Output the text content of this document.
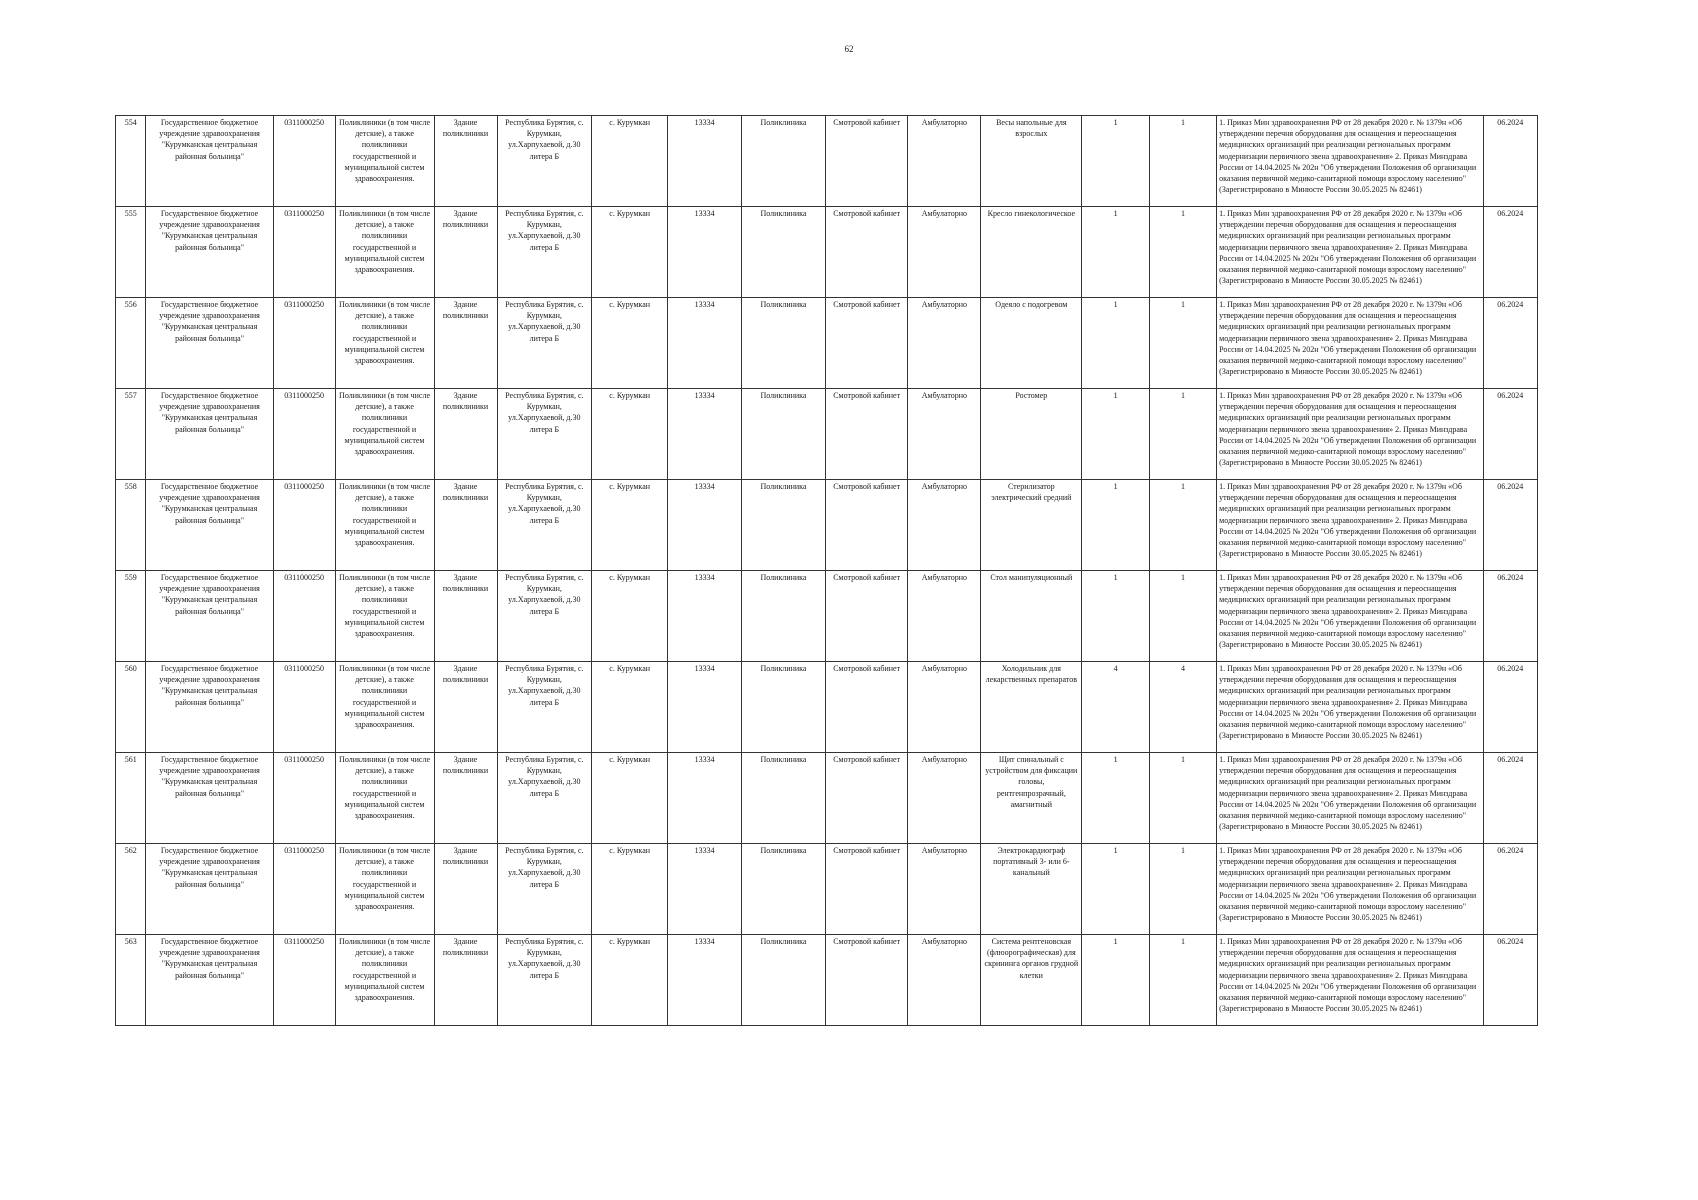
62
554	Государственное бюджетное учреждение здравоохранения "Курумканская центральная районная больница"	0311000250	Поликлиники (в том числе детские), а также поликлиники государственной и муниципальной систем здравоохранения.	Здание поликлиники	Республика Бурятия, с. Курумкан, ул.Харпухаевой, д.30 литера Б	с. Курумкан	13334	Поликлиника	Смотровой кабинет	Амбулаторно	Весы напольные для взрослых	1	1	1. Приказ Мин здравоохранения РФ от 28 декабря 2020 г. № 1379н «Об утверждении перечня оборудования для оснащения и переоснащения медицинских организаций при реализации региональных программ модернизации первичного звена здравоохранения» 2. Приказ Минздрава России от 14.04.2025 № 202н "Об утверждении Положения об организации оказания первичной медико-санитарной помощи взрослому населению" (Зарегистрировано в Минюсте России 30.05.2025 № 82461)	06.2024
555	Государственное бюджетное учреждение здравоохранения "Курумканская центральная районная больница"	0311000250	Поликлиники (в том числе детские), а также поликлиники государственной и муниципальной систем здравоохранения.	Здание поликлиники	Республика Бурятия, с. Курумкан, ул.Харпухаевой, д.30 литера Б	с. Курумкан	13334	Поликлиника	Смотровой кабинет	Амбулаторно	Кресло гинекологическое	1	1	1. Приказ Мин здравоохранения РФ от 28 декабря 2020 г. № 1379н «Об утверждении перечня оборудования для оснащения и переоснащения медицинских организаций при реализации региональных программ модернизации первичного звена здравоохранения» 2. Приказ Минздрава России от 14.04.2025 № 202н "Об утверждении Положения об организации оказания первичной медико-санитарной помощи взрослому населению" (Зарегистрировано в Минюсте России 30.05.2025 № 82461)	06.2024
556	Государственное бюджетное учреждение здравоохранения "Курумканская центральная районная больница"	0311000250	Поликлиники (в том числе детские), а также поликлиники государственной и муниципальной систем здравоохранения.	Здание поликлиники	Республика Бурятия, с. Курумкан, ул.Харпухаевой, д.30 литера Б	с. Курумкан	13334	Поликлиника	Смотровой кабинет	Амбулаторно	Одеяло с подогревом	1	1	1. Приказ Мин здравоохранения РФ от 28 декабря 2020 г. № 1379н «Об утверждении перечня оборудования для оснащения и переоснащения медицинских организаций при реализации региональных программ модернизации первичного звена здравоохранения» 2. Приказ Минздрава России от 14.04.2025 № 202н "Об утверждении Положения об организации оказания первичной медико-санитарной помощи взрослому населению" (Зарегистрировано в Минюсте России 30.05.2025 № 82461)	06.2024
557	Государственное бюджетное учреждение здравоохранения "Курумканская центральная районная больница"	0311000250	Поликлиники (в том числе детские), а также поликлиники государственной и муниципальной систем здравоохранения.	Здание поликлиники	Республика Бурятия, с. Курумкан, ул.Харпухаевой, д.30 литера Б	с. Курумкан	13334	Поликлиника	Смотровой кабинет	Амбулаторно	Ростомер	1	1	1. Приказ Мин здравоохранения РФ от 28 декабря 2020 г. № 1379н «Об утверждении перечня оборудования для оснащения и переоснащения медицинских организаций при реализации региональных программ модернизации первичного звена здравоохранения» 2. Приказ Минздрава России от 14.04.2025 № 202н "Об утверждении Положения об организации оказания первичной медико-санитарной помощи взрослому населению" (Зарегистрировано в Минюсте России 30.05.2025 № 82461)	06.2024
558	Государственное бюджетное учреждение здравоохранения "Курумканская центральная районная больница"	0311000250	Поликлиники (в том числе детские), а также поликлиники государственной и муниципальной систем здравоохранения.	Здание поликлиники	Республика Бурятия, с. Курумкан, ул.Харпухаевой, д.30 литера Б	с. Курумкан	13334	Поликлиника	Смотровой кабинет	Амбулаторно	Стерилизатор электрический средний	1	1	1. Приказ Мин здравоохранения РФ от 28 декабря 2020 г. № 1379н «Об утверждении перечня оборудования для оснащения и переоснащения медицинских организаций при реализации региональных программ модернизации первичного звена здравоохранения» 2. Приказ Минздрава России от 14.04.2025 № 202н "Об утверждении Положения об организации оказания первичной медико-санитарной помощи взрослому населению" (Зарегистрировано в Минюсте России 30.05.2025 № 82461)	06.2024
559	Государственное бюджетное учреждение здравоохранения "Курумканская центральная районная больница"	0311000250	Поликлиники (в том числе детские), а также поликлиники государственной и муниципальной систем здравоохранения.	Здание поликлиники	Республика Бурятия, с. Курумкан, ул.Харпухаевой, д.30 литера Б	с. Курумкан	13334	Поликлиника	Смотровой кабинет	Амбулаторно	Стол манипуляционный	1	1	1. Приказ Мин здравоохранения РФ от 28 декабря 2020 г. № 1379н «Об утверждении перечня оборудования для оснащения и переоснащения медицинских организаций при реализации региональных программ модернизации первичного звена здравоохранения» 2. Приказ Минздрава России от 14.04.2025 № 202н "Об утверждении Положения об организации оказания первичной медико-санитарной помощи взрослому населению" (Зарегистрировано в Минюсте России 30.05.2025 № 82461)	06.2024
560	Государственное бюджетное учреждение здравоохранения "Курумканская центральная районная больница"	0311000250	Поликлиники (в том числе детские), а также поликлиники государственной и муниципальной систем здравоохранения.	Здание поликлиники	Республика Бурятия, с. Курумкан, ул.Харпухаевой, д.30 литера Б	с. Курумкан	13334	Поликлиника	Смотровой кабинет	Амбулаторно	Холодильник для лекарственных препаратов	4	4	1. Приказ Мин здравоохранения РФ от 28 декабря 2020 г. № 1379н «Об утверждении перечня оборудования для оснащения и переоснащения медицинских организаций при реализации региональных программ модернизации первичного звена здравоохранения» 2. Приказ Минздрава России от 14.04.2025 № 202н "Об утверждении Положения об организации оказания первичной медико-санитарной помощи взрослому населению" (Зарегистрировано в Минюсте России 30.05.2025 № 82461)	06.2024
561	Государственное бюджетное учреждение здравоохранения "Курумканская центральная районная больница"	0311000250	Поликлиники (в том числе детские), а также поликлиники государственной и муниципальной систем здравоохранения.	Здание поликлиники	Республика Бурятия, с. Курумкан, ул.Харпухаевой, д.30 литера Б	с. Курумкан	13334	Поликлиника	Смотровой кабинет	Амбулаторно	Щит спинальный с устройством для фиксации головы, рентгенпрозрачный, амагнитный	1	1	1. Приказ Мин здравоохранения РФ от 28 декабря 2020 г. № 1379н «Об утверждении перечня оборудования для оснащения и переоснащения медицинских организаций при реализации региональных программ модернизации первичного звена здравоохранения» 2. Приказ Минздрава России от 14.04.2025 № 202н "Об утверждении Положения об организации оказания первичной медико-санитарной помощи взрослому населению" (Зарегистрировано в Минюсте России 30.05.2025 № 82461)	06.2024
562	Государственное бюджетное учреждение здравоохранения "Курумканская центральная районная больница"	0311000250	Поликлиники (в том числе детские), а также поликлиники государственной и муниципальной систем здравоохранения.	Здание поликлиники	Республика Бурятия, с. Курумкан, ул.Харпухаевой, д.30 литера Б	с. Курумкан	13334	Поликлиника	Смотровой кабинет	Амбулаторно	Электрокардиограф портативный 3- или 6-канальный	1	1	1. Приказ Мин здравоохранения РФ от 28 декабря 2020 г. № 1379н «Об утверждении перечня оборудования для оснащения и переоснащения медицинских организаций при реализации региональных программ модернизации первичного звена здравоохранения» 2. Приказ Минздрава России от 14.04.2025 № 202н "Об утверждении Положения об организации оказания первичной медико-санитарной помощи взрослому населению" (Зарегистрировано в Минюсте России 30.05.2025 № 82461)	06.2024
563	Государственное бюджетное учреждение здравоохранения "Курумканская центральная районная больница"	0311000250	Поликлиники (в том числе детские), а также поликлиники государственной и муниципальной систем здравоохранения.	Здание поликлиники	Республика Бурятия, с. Курумкан, ул.Харпухаевой, д.30 литера Б	с. Курумкан	13334	Поликлиника	Смотровой кабинет	Амбулаторно	Система рентгеновская (флюорографическая) для скрининга органов грудной клетки	1	1	1. Приказ Мин здравоохранения РФ от 28 декабря 2020 г. № 1379н «Об утверждении перечня оборудования для оснащения и переоснащения медицинских организаций при реализации региональных программ модернизации первичного звена здравоохранения» 2. Приказ Минздрава России от 14.04.2025 № 202н "Об утверждении Положения об организации оказания первичной медико-санитарной помощи взрослому населению" (Зарегистрировано в Минюсте России 30.05.2025 № 82461)	06.2024
